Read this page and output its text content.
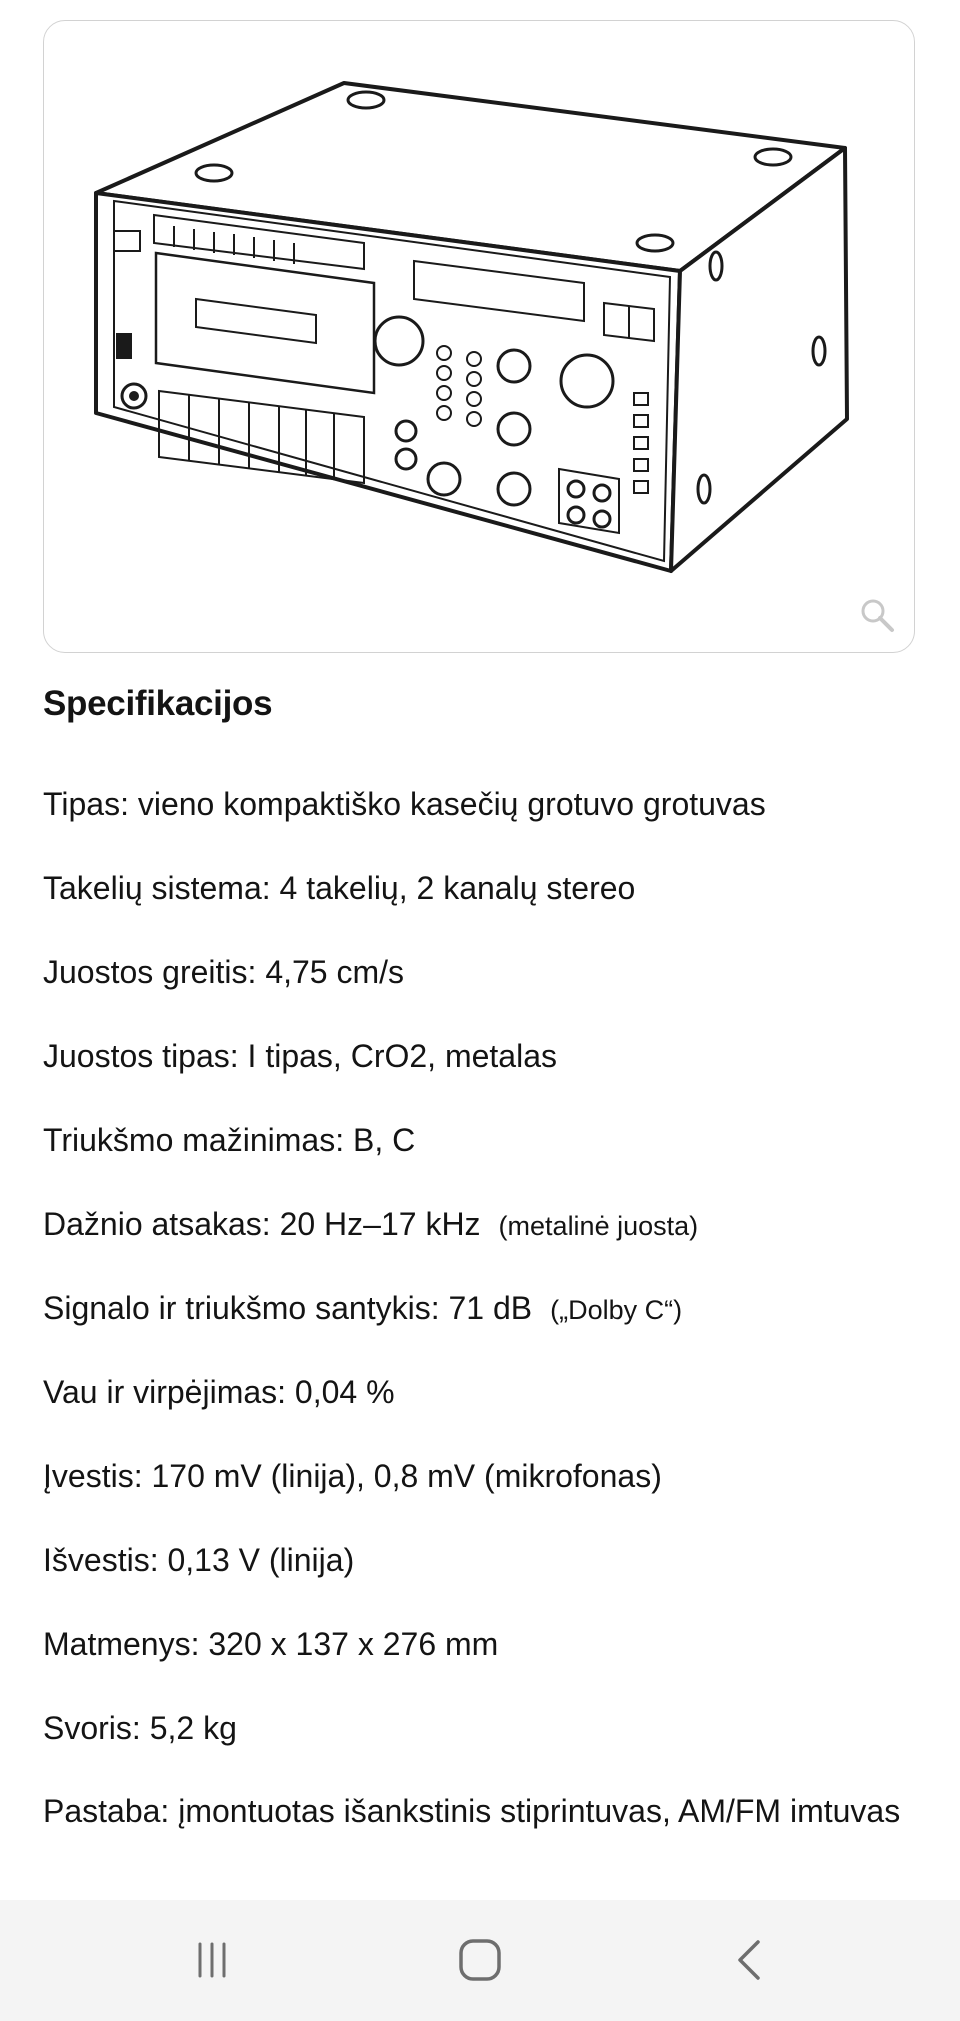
Specifikacijos
Tipas: vieno kompaktiško kasečių grotuvo grotuvas
Takelių sistema: 4 takelių, 2 kanalų stereo
Juostos greitis: 4,75 cm/s
Juostos tipas: I tipas, CrO2, metalas
Triukšmo mažinimas: B, C
Dažnio atsakas: 20 Hz–17 kHz (metalinė juosta)
Signalo ir triukšmo santykis: 71 dB („Dolby C“)
Vau ir virpėjimas: 0,04 %
Įvestis: 170 mV (linija), 0,8 mV (mikrofonas)
Išvestis: 0,13 V (linija)
Matmenys: 320 x 137 x 276 mm
Svoris: 5,2 kg
Pastaba: įmontuotas išankstinis stiprintuvas, AM/FM imtuvas
